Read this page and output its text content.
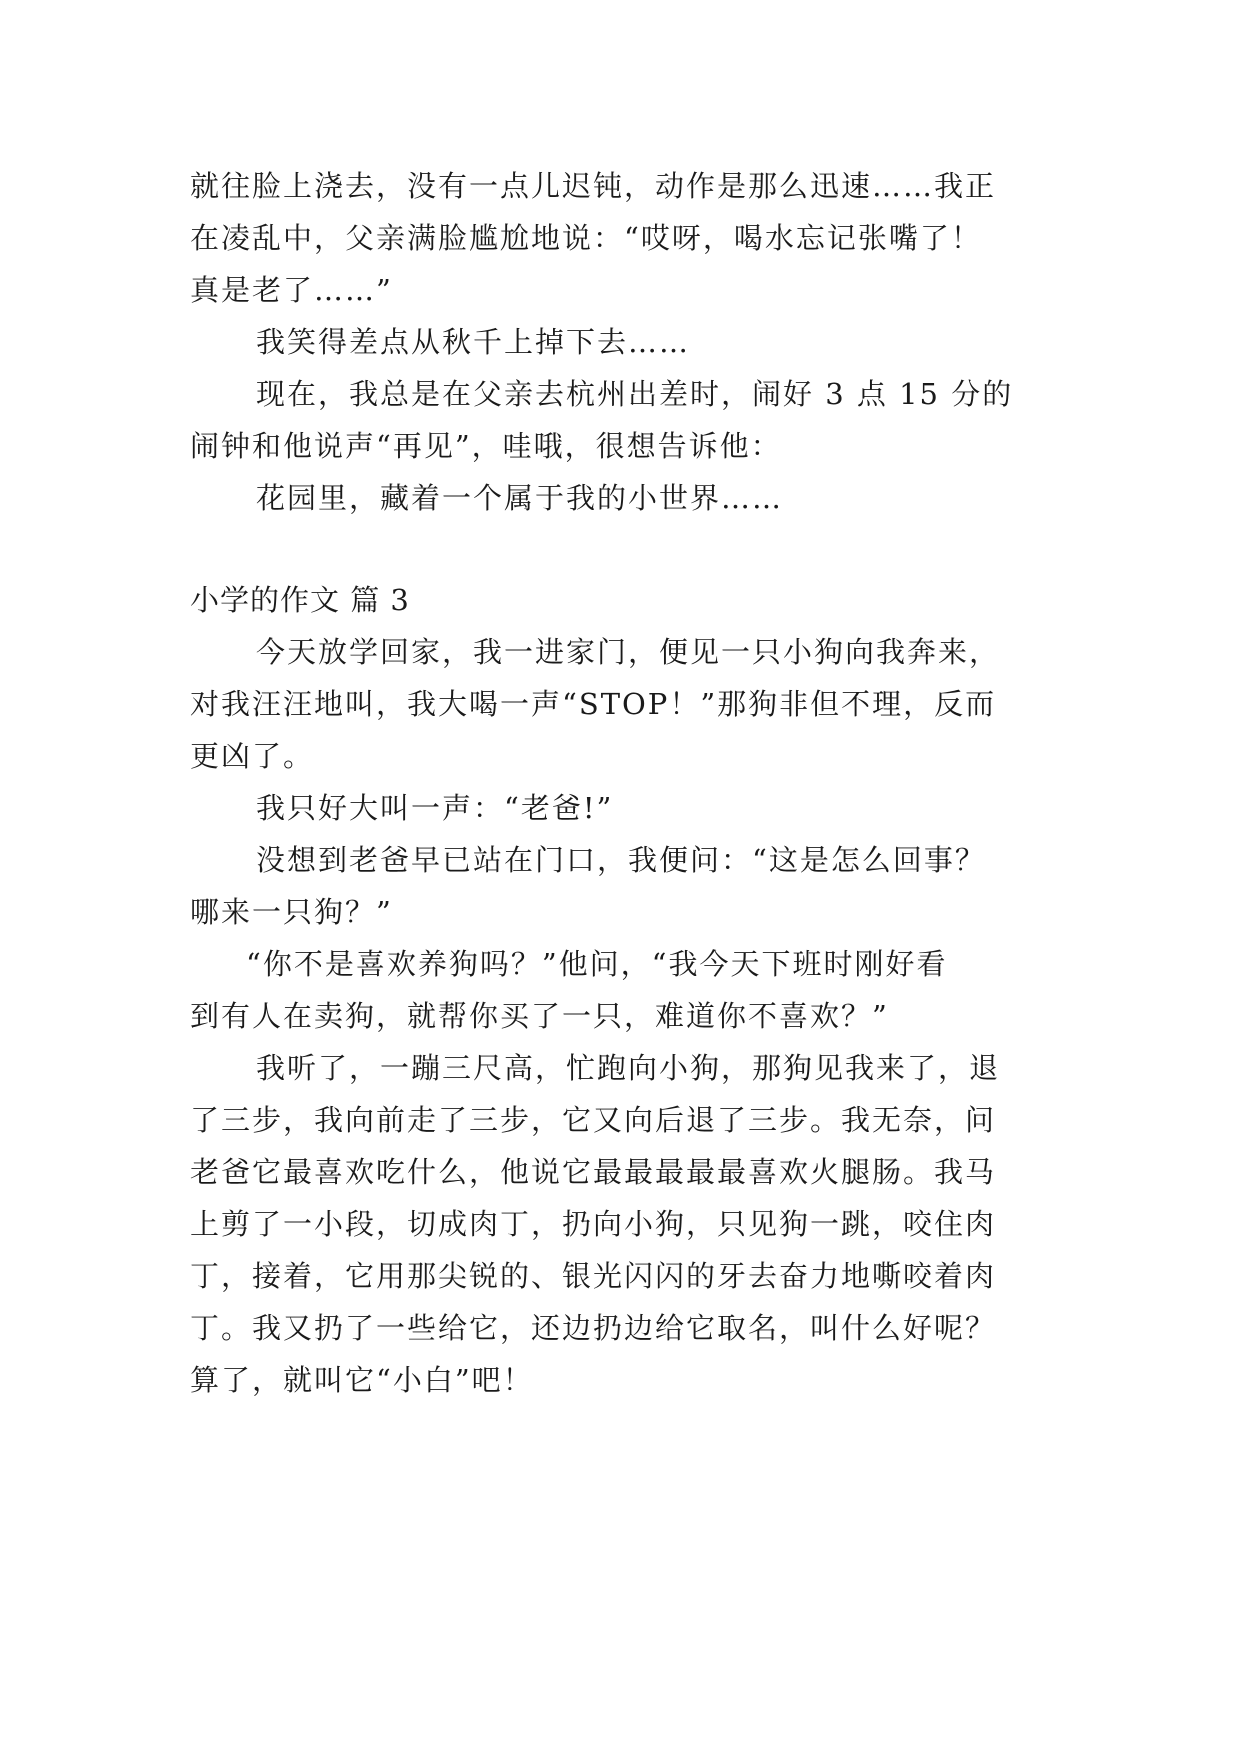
就往脸上浇去，没有一点儿迟钝，动作是那么迅速……我正
在凌乱中，父亲满脸尴尬地说：“哎呀，喝水忘记张嘴了！
真是老了……”
我笑得差点从秋千上掉下去……
现在，我总是在父亲去杭州出差时，闹好 3 点 15 分的
闹钟和他说声“再见”，哇哦，很想告诉他：
花园里，藏着一个属于我的小世界……
小学的作文 篇 3
今天放学回家，我一进家门，便见一只小狗向我奔来，
对我汪汪地叫，我大喝一声“STOP！”那狗非但不理，反而
更凶了。
我只好大叫一声：“老爸!”
没想到老爸早已站在门口，我便问：“这是怎么回事？
哪来一只狗？”
“你不是喜欢养狗吗？”他问，“我今天下班时刚好看
到有人在卖狗，就帮你买了一只，难道你不喜欢？”
我听了，一蹦三尺高，忙跑向小狗，那狗见我来了，退
了三步，我向前走了三步，它又向后退了三步。我无奈，问
老爸它最喜欢吃什么，他说它最最最最最喜欢火腿肠。我马
上剪了一小段，切成肉丁，扔向小狗，只见狗一跳，咬住肉
丁，接着，它用那尖锐的、银光闪闪的牙去奋力地嘶咬着肉
丁。我又扔了一些给它，还边扔边给它取名，叫什么好呢？
算了，就叫它“小白”吧！
